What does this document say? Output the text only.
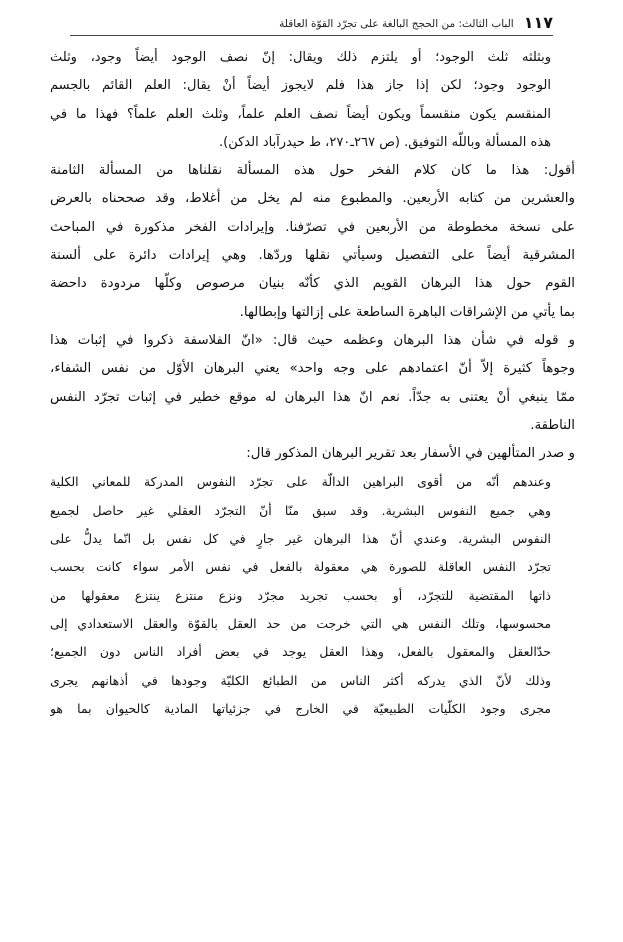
١١٧
الباب الثالث: من الحجج البالغة على تجرّد القوّة العاقلة
وبثلثه ثلث الوجود؛ أو يلتزم ذلك ويقال: إنّ نصف الوجود أيضاً وجود، وثلث
الوجود وجود؛ لكن إذا جاز هذا فلم لايجوز أيضاً أنْ يقال: العلم القائم بالجسم
المنقسم يكون منقسماً ويكون أيضاً نصف العلم علماً، وثلث العلم علماً؟ فهذا ما في
هذه المسألة وباللّه التوفيق. (ص ٢٦٧ـ٢٧٠، ط حيدرآباد الدكن).
أقول: هذا ما كان كلام الفخر حول هذه المسألة نقلناها من المسألة الثامنة
والعشرين من كتابه الأربعين. والمطبوع منه لم يخل من أغلاط، وقد صححناه بالعرض
على نسخة مخطوطة من الأربعين في تصرّفنا. وإيرادات الفخر مذكورة في المباحث
المشرقية أيضاً على التفصيل وسيأتي نقلها وردّها. وهي إيرادات دائرة على ألسنة
القوم حول هذا البرهان القويم الذي كأنّه بنيان مرصوص وكلّها مردودة داحضة
بما يأتي من الإشراقات الباهرة الساطعة على إزالتها وإبطالها.
و قوله في شأن هذا البرهان وعظمه حيث قال: «انّ الفلاسفة ذكروا في إثبات هذا
وجوهاً كثيرة إلاّ أنّ اعتمادهم على وجه واحد» يعني البرهان الأوّل من نفس الشفاء،
ممّا ينبغي أنْ يعتنى به جدّاً. نعم انّ هذا البرهان له موقع خطير في إثبات تجرّد النفس
الناطقة.
و صدر المتألهين في الأسفار بعد تقرير البرهان المذكور قال:
وعندهم أنّه من أقوى البراهين الدالّة على تجرّد النفوس المدركة للمعاني الكلية
وهي جميع النفوس البشرية. وقد سبق منّا أنّ التجرّد العقلي غير حاصل لجميع
النفوس البشرية. وعندي أنّ هذا البرهان غير جارٍ في كل نفس بل انّما يدلُّ على
تجرّد النفس العاقلة للصورة هي معقولة بالفعل في نفس الأمر سواء كانت بحسب
ذاتها المقتضية للتجرّد، أو بحسب تجريد مجرّد ونزع منتزع ينتزع معقولها من
محسوسها، وتلك النفس هي التي خرجت من حد العقل بالقوّة والعقل الاستعدادي إلى
حدّالعقل والمعقول بالفعل، وهذا العقل يوجد في بعض أفراد الناس دون الجميع؛
وذلك لأنّ الذي يدركه أكثر الناس من الطبائع الكليّة وجودها في أذهانهم يجرى
مجرى وجود الكلّيات الطبيعيّة في الخارج في جزئياتها المادية كالحيوان بما هو
